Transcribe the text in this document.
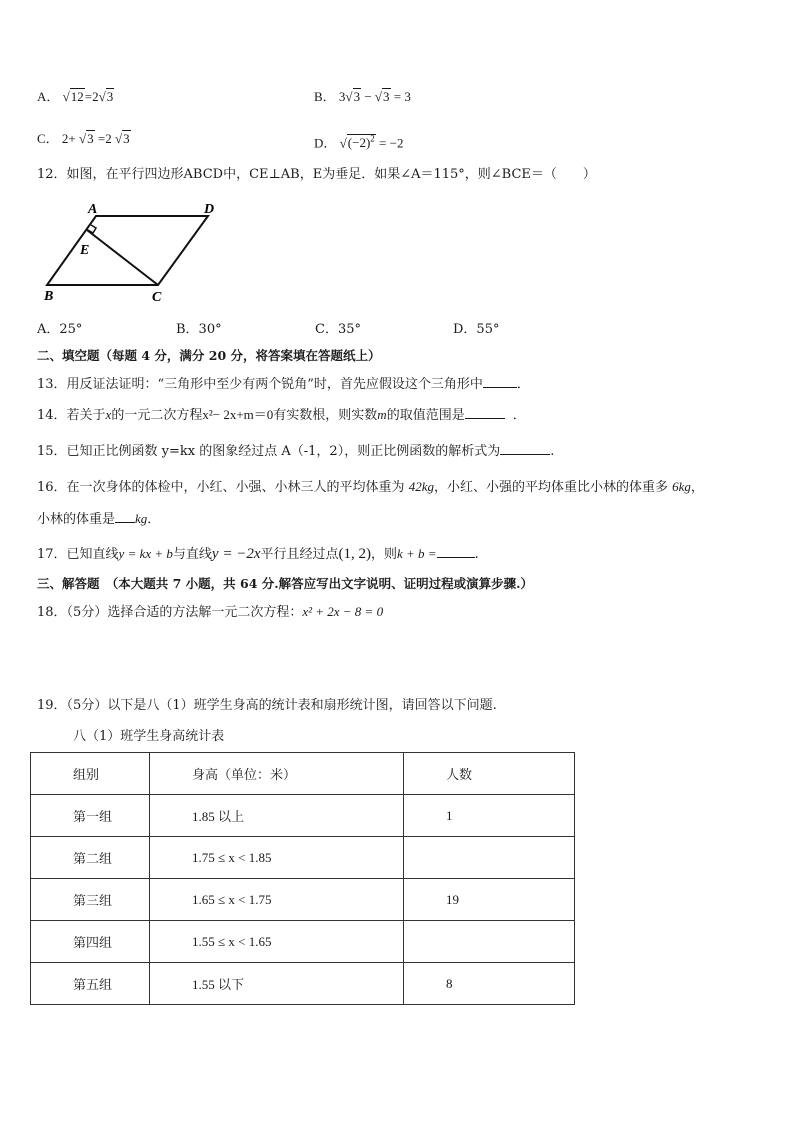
A． √12=2√3	B． 3√3 − √3 = 3
C． 2+ √3 =2 √3	D． $√(-2)^2 = -2$
12．如图，在平行四边形ABCD中，CE⊥AB，E为垂足．如果∠A＝115°，则∠BCE＝（　　）
A	D
E
B	C
A．25°	B．30°	C．35°	D．55°
二、填空题（每题 4 分，满分 20 分，将答案填在答题纸上）
13．用反证法证明：“三角形中至少有两个锐角”时，首先应假设这个三角形中	．
14．若关于x的一元二次方程x²− 2x+m＝0有实数根，则实数m的取值范围是	．
15．已知正比例函数 y=kx 的图象经过点 A（-1，2），则正比例函数的解析式为	.
16．在一次身体的体检中，小红、小强、小林三人的平均体重为 42kg，小红、小强的平均体重比小林的体重多 6kg，
小林的体重是 kg．
17．已知直线y = kx + b与直线y = −2x平行且经过点(1, 2)，则k + b =	.
三、解答题　（本大题共 7 小题，共 64 分.解答应写出文字说明、证明过程或演算步骤.）
18．（5分）选择合适的方法解一元二次方程：x² + 2x − 8 = 0
19．（5分）以下是八（1）班学生身高的统计表和扇形统计图，请回答以下问题.
八（1）班学生身高统计表
组别	身高（单位：米）	人数
第一组	1.85 以上	1
第二组	1.75 ≤ x < 1.85	
第三组	1.65 ≤ x < 1.75	19
第四组	1.55 ≤ x < 1.65	
第五组	1.55 以下	8
